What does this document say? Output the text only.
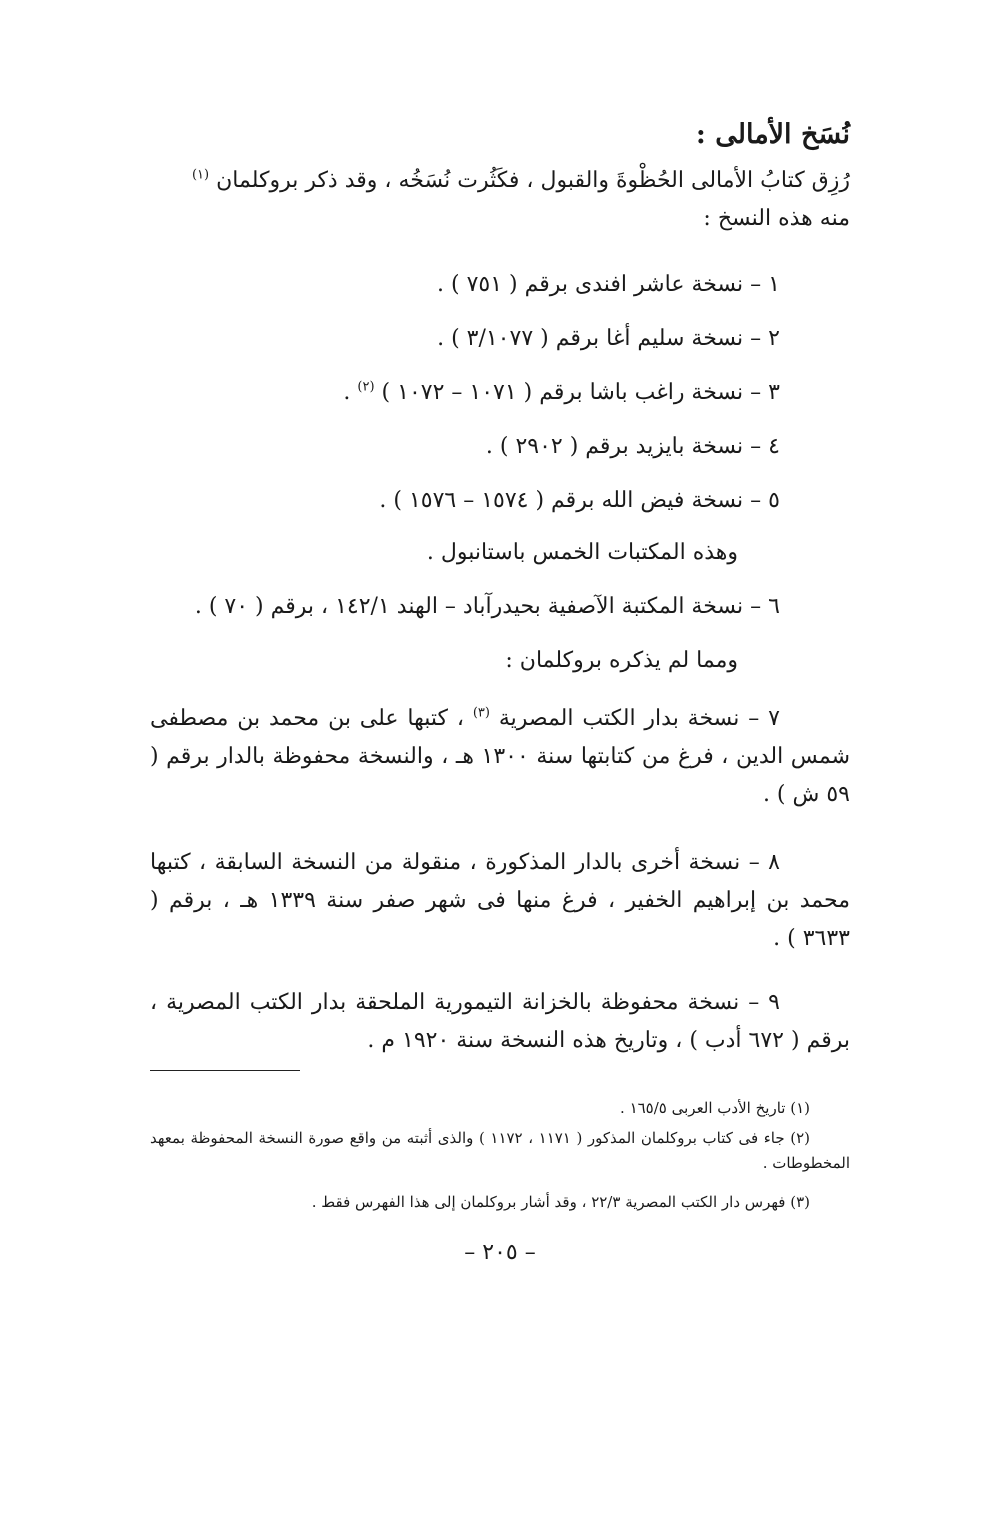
نُسَخ الأمالى :
رُزِق كتابُ الأمالى الحُظْوةَ والقبول ، فكَثُرت نُسَخُه ، وقد ذكر بروكلمان $^{(١)}$
منه هذه النسخ :
١ – نسخة عاشر افندى برقم ( ٧٥١ ) .
٢ – نسخة سليم أغا برقم ( ٣/١٠٧٧ ) .
٣ – نسخة راغب باشا برقم ( ١٠٧١ – ١٠٧٢ ) $^{(٢)}$ .
٤ – نسخة بايزيد برقم ( ٢٩٠٢ ) .
٥ – نسخة فيض الله برقم ( ١٥٧٤ – ١٥٧٦ ) .
وهذه المكتبات الخمس باستانبول .
٦ – نسخة المكتبة الآصفية بحيدرآباد – الهند ١٤٢/١ ، برقم ( ٧٠ ) .
ومما لم يذكره بروكلمان :
٧ – نسخة بدار الكتب المصرية $^{(٣)}$ ، كتبها على بن محمد بن مصطفى شمس الدين ، فرغ من كتابتها سنة ١٣٠٠ هـ ، والنسخة محفوظة بالدار برقم ( ٥٩ ش ) .
٨ – نسخة أخرى بالدار المذكورة ، منقولة من النسخة السابقة ، كتبها محمد بن إبراهيم الخفير ، فرغ منها فى شهر صفر سنة ١٣٣٩ هـ ، برقم ( ٣٦٣٣ ) .
٩ – نسخة محفوظة بالخزانة التيمورية الملحقة بدار الكتب المصرية ، برقم ( ٦٧٢ أدب ) ، وتاريخ هذه النسخة سنة ١٩٢٠ م .
(١) تاريخ الأدب العربى ١٦٥/٥ .
(٢) جاء فى كتاب بروكلمان المذكور ( ١١٧١ ، ١١٧٢ ) والذى أثبته من واقع صورة النسخة المحفوظة بمعهد المخطوطات .
(٣) فهرس دار الكتب المصرية ٢٢/٣ ، وقد أشار بروكلمان إلى هذا الفهرس فقط .
– ٢٠٥ –
